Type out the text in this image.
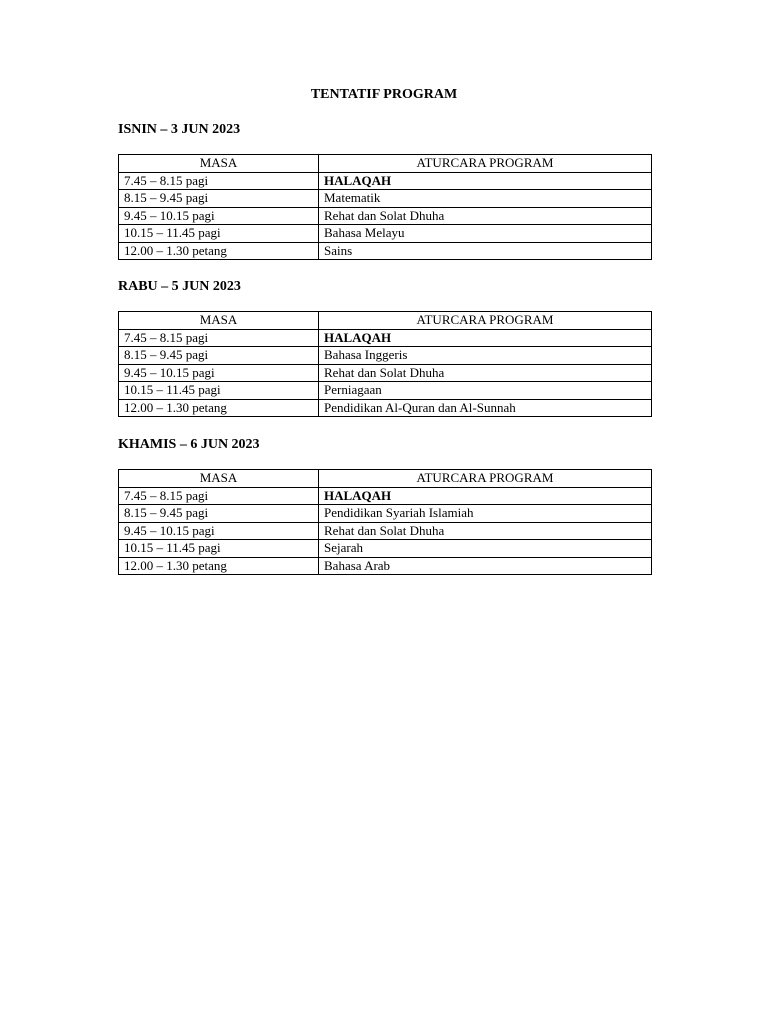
TENTATIF PROGRAM
ISNIN – 3 JUN 2023
MASA	ATURCARA PROGRAM
7.45 – 8.15 pagi	HALAQAH
8.15 – 9.45 pagi	Matematik
9.45 – 10.15 pagi	Rehat dan Solat Dhuha
10.15 – 11.45 pagi	Bahasa Melayu
12.00 – 1.30 petang	Sains
RABU – 5 JUN 2023
MASA	ATURCARA PROGRAM
7.45 – 8.15 pagi	HALAQAH
8.15 – 9.45 pagi	Bahasa Inggeris
9.45 – 10.15 pagi	Rehat dan Solat Dhuha
10.15 – 11.45 pagi	Perniagaan
12.00 – 1.30 petang	Pendidikan Al-Quran dan Al-Sunnah
KHAMIS – 6 JUN 2023
MASA	ATURCARA PROGRAM
7.45 – 8.15 pagi	HALAQAH
8.15 – 9.45 pagi	Pendidikan Syariah Islamiah
9.45 – 10.15 pagi	Rehat dan Solat Dhuha
10.15 – 11.45 pagi	Sejarah
12.00 – 1.30 petang	Bahasa Arab
